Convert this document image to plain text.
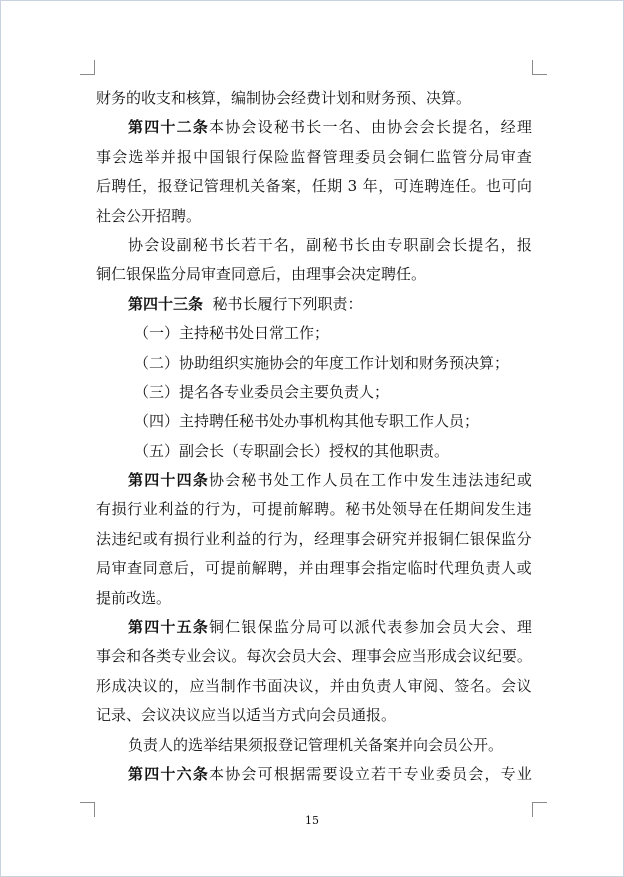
财务的收支和核算，编制协会经费计划和财务预、决算。
第 四 十 二 条 本 协 会 设 秘 书 长 一 名 、 由 协 会 会 长 提 名 ， 经 理
事 会 选 举 并 报 中 国 银 行 保 险 监 督 管 理 委 员 会 铜 仁 监 管 分 局 审 查
后 聘 任 ， 报 登 记 管 理 机 关 备 案 ， 任 期
3
年 ， 可 连 聘 连 任 。 也 可 向
社会公开招聘。
协 会 设 副 秘 书 长 若 干 名 ， 副 秘 书 长 由 专 职 副 会 长 提 名 ， 报
铜仁银保监分局审查同意后，由理事会决定聘任。
第四十三条 秘书长履行下列职责：
（一）主持秘书处日常工作；
（二）协助组织实施协会的年度工作计划和财务预决算；
（三）提名各专业委员会主要负责人；
（四）主持聘任秘书处办事机构其他专职工作人员；
（五）副会长（专职副会长）授权的其他职责。
第 四 十 四 条 协 会 秘 书 处 工 作 人 员 在 工 作 中 发 生 违 法 违 纪 或
有 损 行 业 利 益 的 行 为 ， 可 提 前 解 聘 。 秘 书 处 领 导 在 任 期 间 发 生 违
法 违 纪 或 有 损 行 业 利 益 的 行 为 ， 经 理 事 会 研 究 并 报 铜 仁 银 保 监 分
局 审 查 同 意 后 ， 可 提 前 解 聘 ， 并 由 理 事 会 指 定 临 时 代 理 负 责 人 或
提前改选。
第 四 十 五 条 铜 仁 银 保 监 分 局 可 以 派 代 表 参 加 会 员 大 会 、 理
事 会 和 各 类 专 业 会 议 。 每 次 会 员 大 会 、 理 事 会 应 当 形 成 会 议 纪 要 。
形 成 决 议 的 ， 应 当 制 作 书 面 决 议 ， 并 由 负 责 人 审 阅 、 签 名 。 会 议
记录、会议决议应当以适当方式向会员通报。
负责人的选举结果须报登记管理机关备案并向会员公开。
第 四 十 六 条 本 协 会 可 根 据 需 要 设 立 若 干 专 业 委 员 会 ， 专 业
15
